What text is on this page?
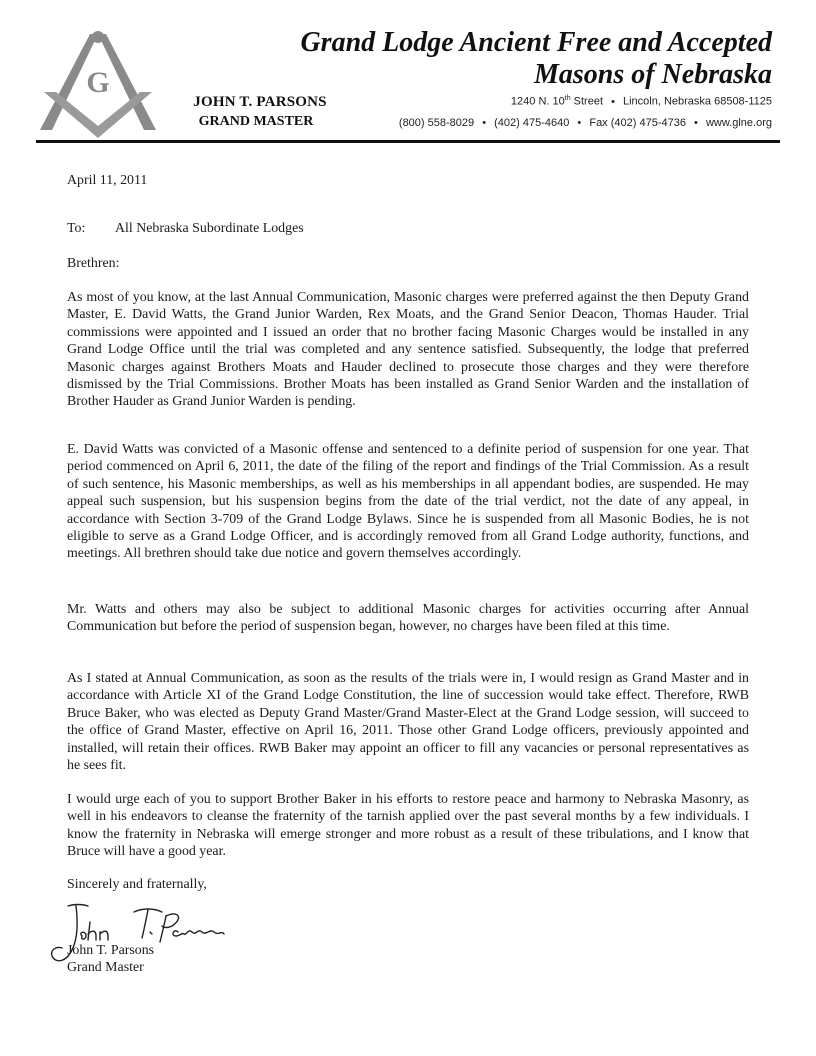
G
Grand Lodge Ancient Free and Accepted
Masons of Nebraska
JOHN T. PARSONS
GRAND MASTER
1240 N. 10th Street • Lincoln, Nebraska 68508-1125
(800) 558-8029 • (402) 475-4640 • Fax (402) 475-4736 • www.glne.org
April 11, 2011
To: All Nebraska Subordinate Lodges
Brethren:
As most of you know, at the last Annual Communication, Masonic charges were preferred against the then Deputy Grand Master, E. David Watts, the Grand Junior Warden, Rex Moats, and the Grand Senior Deacon, Thomas Hauder. Trial commissions were appointed and I issued an order that no brother facing Masonic Charges would be installed in any Grand Lodge Office until the trial was completed and any sentence satisfied. Subsequently, the lodge that preferred Masonic charges against Brothers Moats and Hauder declined to prosecute those charges and they were therefore dismissed by the Trial Commissions. Brother Moats has been installed as Grand Senior Warden and the installation of Brother Hauder as Grand Junior Warden is pending.
E. David Watts was convicted of a Masonic offense and sentenced to a definite period of suspension for one year. That period commenced on April 6, 2011, the date of the filing of the report and findings of the Trial Commission. As a result of such sentence, his Masonic memberships, as well as his memberships in all appendant bodies, are suspended. He may appeal such suspension, but his suspension begins from the date of the trial verdict, not the date of any appeal, in accordance with Section 3-709 of the Grand Lodge Bylaws. Since he is suspended from all Masonic Bodies, he is not eligible to serve as a Grand Lodge Officer, and is accordingly removed from all Grand Lodge authority, functions, and meetings. All brethren should take due notice and govern themselves accordingly.
Mr. Watts and others may also be subject to additional Masonic charges for activities occurring after Annual Communication but before the period of suspension began, however, no charges have been filed at this time.
As I stated at Annual Communication, as soon as the results of the trials were in, I would resign as Grand Master and in accordance with Article XI of the Grand Lodge Constitution, the line of succession would take effect. Therefore, RWB Bruce Baker, who was elected as Deputy Grand Master/Grand Master-Elect at the Grand Lodge session, will succeed to the office of Grand Master, effective on April 16, 2011. Those other Grand Lodge officers, previously appointed and installed, will retain their offices. RWB Baker may appoint an officer to fill any vacancies or personal representatives as he sees fit.
I would urge each of you to support Brother Baker in his efforts to restore peace and harmony to Nebraska Masonry, as well in his endeavors to cleanse the fraternity of the tarnish applied over the past several months by a few individuals. I know the fraternity in Nebraska will emerge stronger and more robust as a result of these tribulations, and I know that Bruce will have a good year.
Sincerely and fraternally,
John T. Parsons
Grand Master
